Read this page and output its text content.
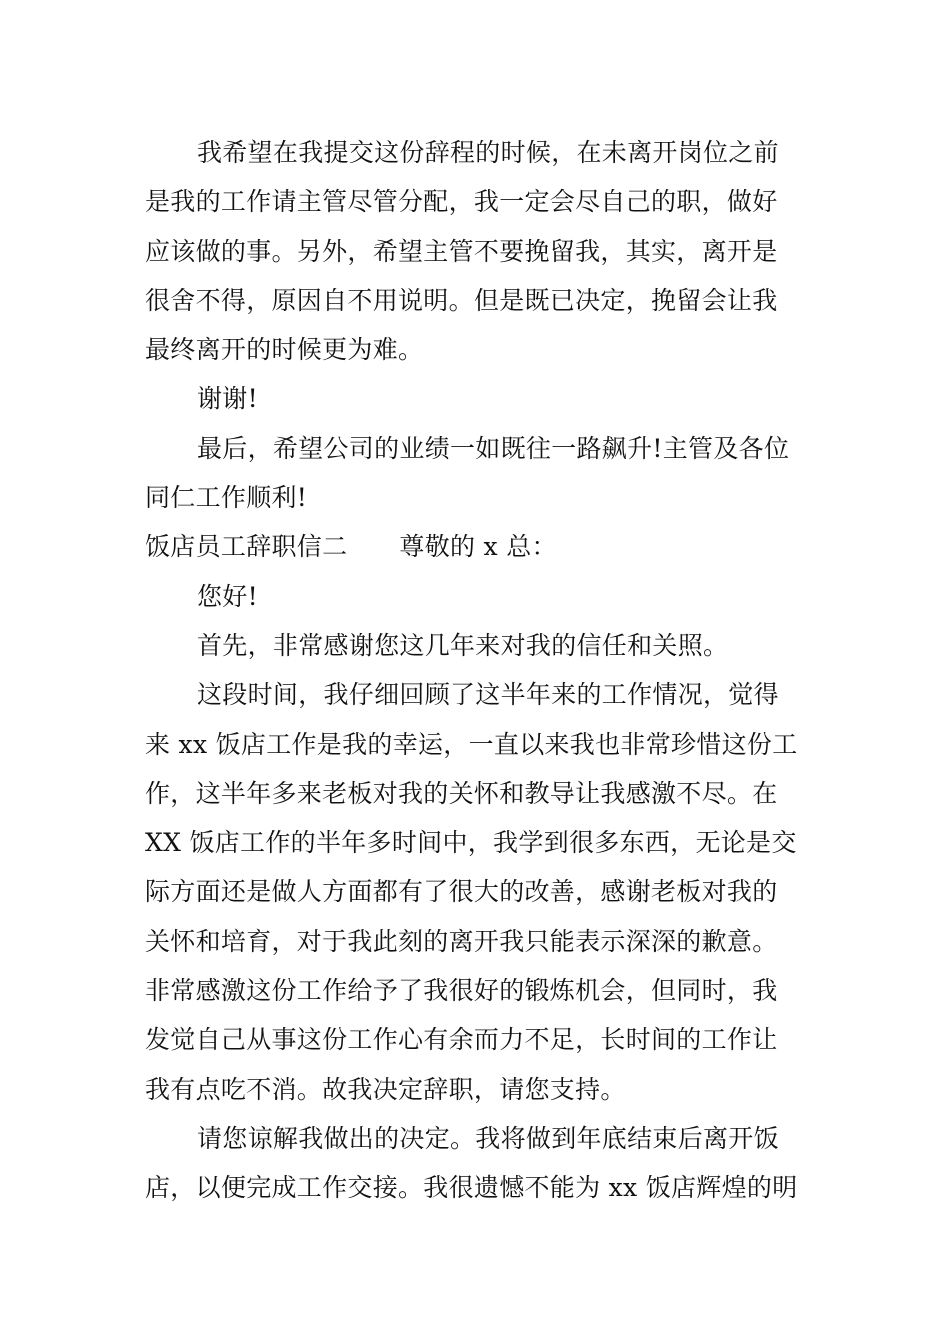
我希望在我提交这份辞程的时候，在未离开岗位之前
是我的工作请主管尽管分配，我一定会尽自己的职，做好
应该做的事。另外，希望主管不要挽留我，其实，离开是
很舍不得，原因自不用说明。但是既已决定，挽留会让我
最终离开的时候更为难。
谢谢!
最后，希望公司的业绩一如既往一路飙升!主管及各位
同仁工作顺利!
饭店员工辞职信二 尊敬的 x 总：
您好!
首先，非常感谢您这几年来对我的信任和关照。
这段时间，我仔细回顾了这半年来的工作情况，觉得
来 xx 饭店工作是我的幸运，一直以来我也非常珍惜这份工
作，这半年多来老板对我的关怀和教导让我感激不尽。在
XX 饭店工作的半年多时间中，我学到很多东西，无论是交
际方面还是做人方面都有了很大的改善，感谢老板对我的
关怀和培育，对于我此刻的离开我只能表示深深的歉意。
非常感激这份工作给予了我很好的锻炼机会，但同时，我
发觉自己从事这份工作心有余而力不足，长时间的工作让
我有点吃不消。故我决定辞职，请您支持。
请您谅解我做出的决定。我将做到年底结束后离开饭
店，以便完成工作交接。我很遗憾不能为 xx 饭店辉煌的明
